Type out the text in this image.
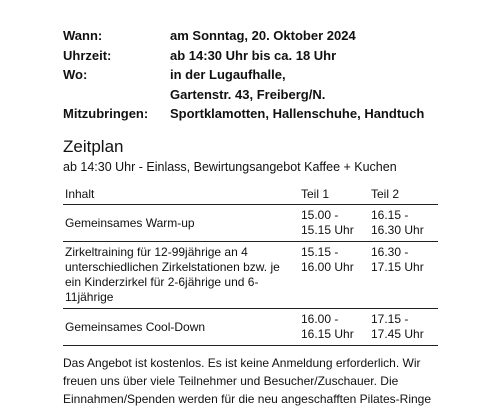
Wann:	am Sonntag, 20. Oktober 2024
Uhrzeit:	ab 14:30 Uhr bis ca. 18 Uhr
Wo:	in der Lugaufhalle,
Gartenstr. 43, Freiberg/N.
Mitzubringen:	Sportklamotten, Hallenschuhe, Handtuch
Zeitplan
ab 14:30 Uhr - Einlass, Bewirtungsangebot Kaffee + Kuchen
Inhalt	Teil 1	Teil 2
Gemeinsames Warm-up	15.00 - 15.15 Uhr	16.15 - 16.30 Uhr
Zirkeltraining für 12-99jährige an 4 unterschiedlichen Zirkelstationen bzw. je ein Kinderzirkel für 2-6jährige und 6-11jährige	15.15 - 16.00 Uhr	16.30 - 17.15 Uhr
Gemeinsames Cool-Down	16.00 - 16.15 Uhr	17.15 - 17.45 Uhr
Das Angebot ist kostenlos. Es ist keine Anmeldung erforderlich. Wir freuen uns über viele Teilnehmer und Besucher/Zuschauer. Die Einnahmen/Spenden werden für die neu angeschafften Pilates-Ringe
